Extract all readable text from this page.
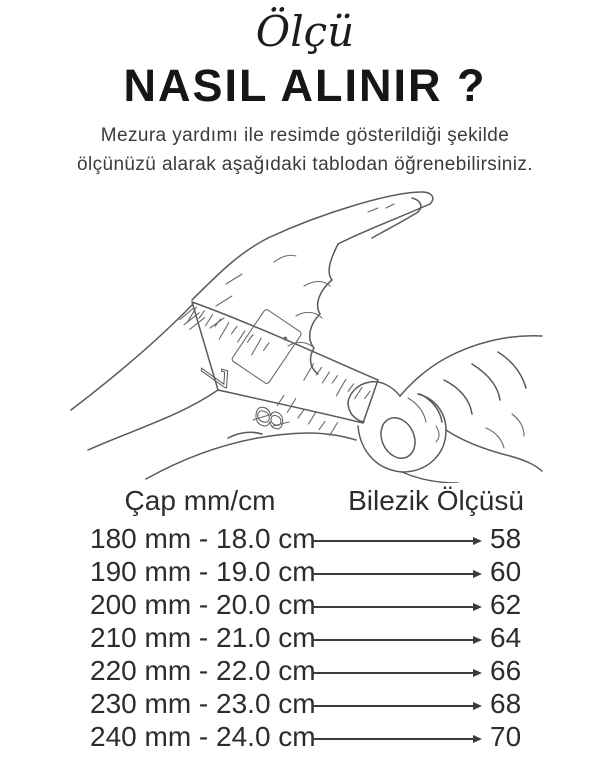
Ölçü
NASIL ALINIR ?

Mezura yardımı ile resimde gösterildiği şekilde
ölçünüzü alarak aşağıdaki tablodan öğrenebilirsiniz.

7
8
Çap mm/cm	Bilezik Ölçüsü
180 mm - 18.0 cm	58
190 mm - 19.0 cm	60
200 mm - 20.0 cm	62
210 mm - 21.0 cm	64
220 mm - 22.0 cm	66
230 mm - 23.0 cm	68
240 mm - 24.0 cm	70
